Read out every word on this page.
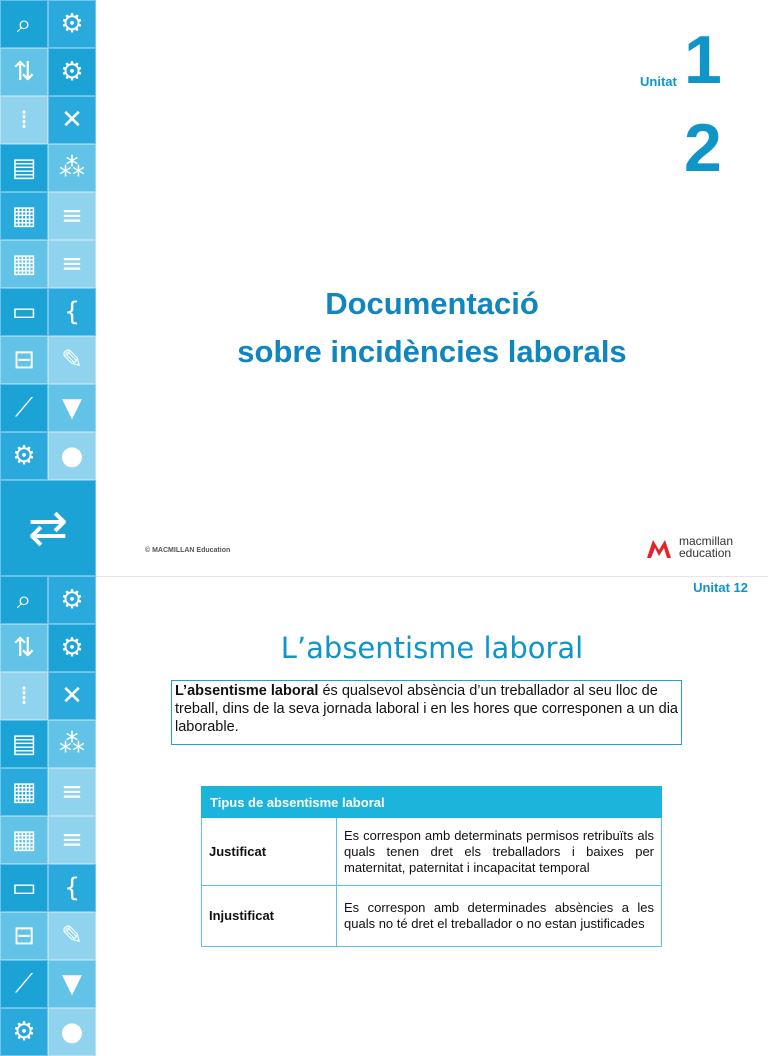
⌕ ⚙
⇅ ⚙
⁞ ✕
▤ ⁂
▦ ≡
▦ ≡
▭ {
⊟ ✎
⟋ ▼
⚙ ●
⇄
⌕ ⚙
⇅ ⚙
⁞ ✕
▤ ⁂
▦ ≡
▦ ≡
▭ {
⊟ ✎
⟋ ▼
⚙ ●
Unitat 1
2
Documentació
sobre incidències laborals
© MACMILLAN Education
macmillan
education
Unitat 12
L’absentisme laboral
L’absentisme laboral és qualsevol absència d’un treballador al seu lloc de
treball, dins de la seva jornada laboral i en les hores que corresponen a un dia laborable.
Tipus de absentisme laboral	
Justificat	Es correspon amb determinats permisos retribuïts als quals tenen dret els treballadors i baixes per maternitat, paternitat i incapacitat temporal
Injustificat	Es correspon amb determinades absències a les quals no té dret el treballador o no estan justificades
